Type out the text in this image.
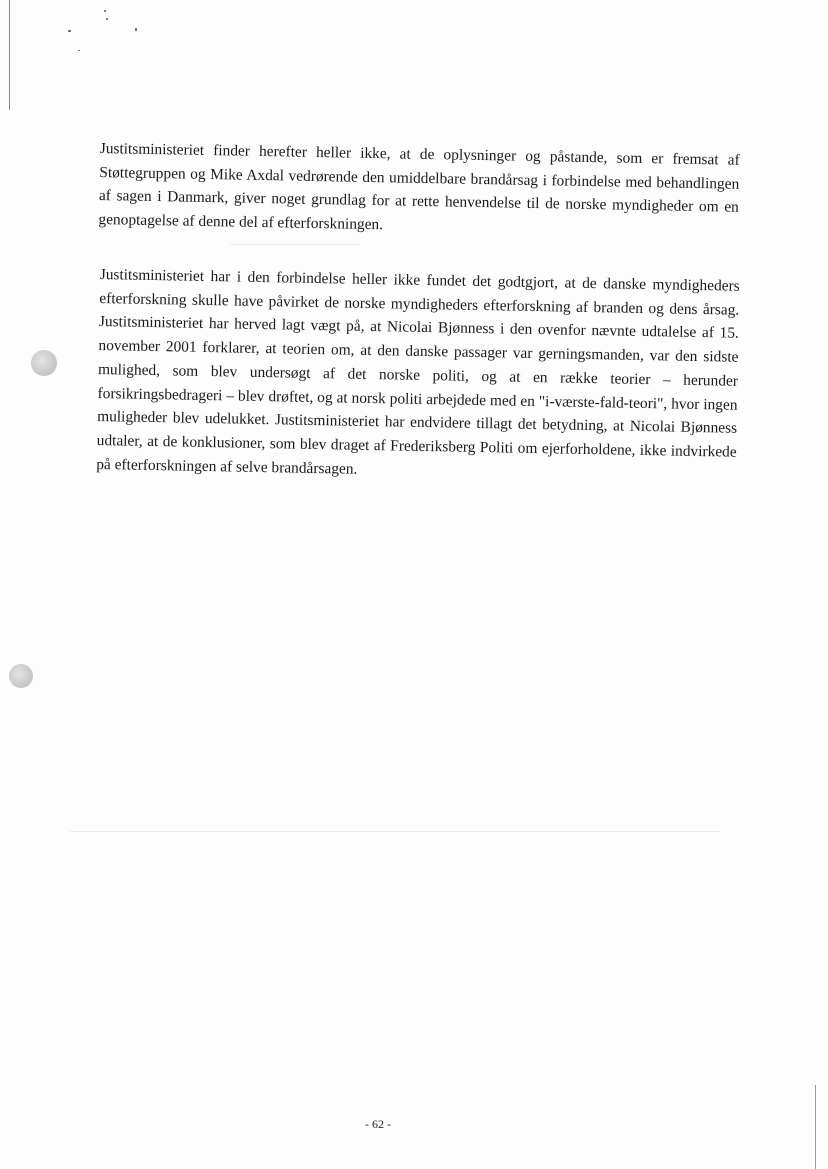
Justitsministeriet finder herefter heller ikke, at de oplysninger og påstande, som er fremsat af Støttegruppen og Mike Axdal vedrørende den umiddelbare brandårsag i forbindelse med behandlingen af sagen i Danmark, giver noget grundlag for at rette henvendelse til de norske myndigheder om en genoptagelse af denne del af efterforskningen.

Justitsministeriet har i den forbindelse heller ikke fundet det godtgjort, at de danske myndigheders efterforskning skulle have påvirket de norske myndigheders efterforskning af branden og dens årsag. Justitsministeriet har herved lagt vægt på, at Nicolai Bjønness i den ovenfor nævnte udtalelse af 15. november 2001 forklarer, at teorien om, at den danske passager var gerningsmanden, var den sidste mulighed, som blev undersøgt af det norske politi, og at en række teorier – herunder forsikringsbedrageri – blev drøftet, og at norsk politi arbejdede med en "i-værste-fald-teori", hvor ingen muligheder blev udelukket. Justitsministeriet har endvidere tillagt det betydning, at Nicolai Bjønness udtaler, at de konklusioner, som blev draget af Frederiksberg Politi om ejerforholdene, ikke indvirkede på efterforskningen af selve brandårsagen.

- 62 -
